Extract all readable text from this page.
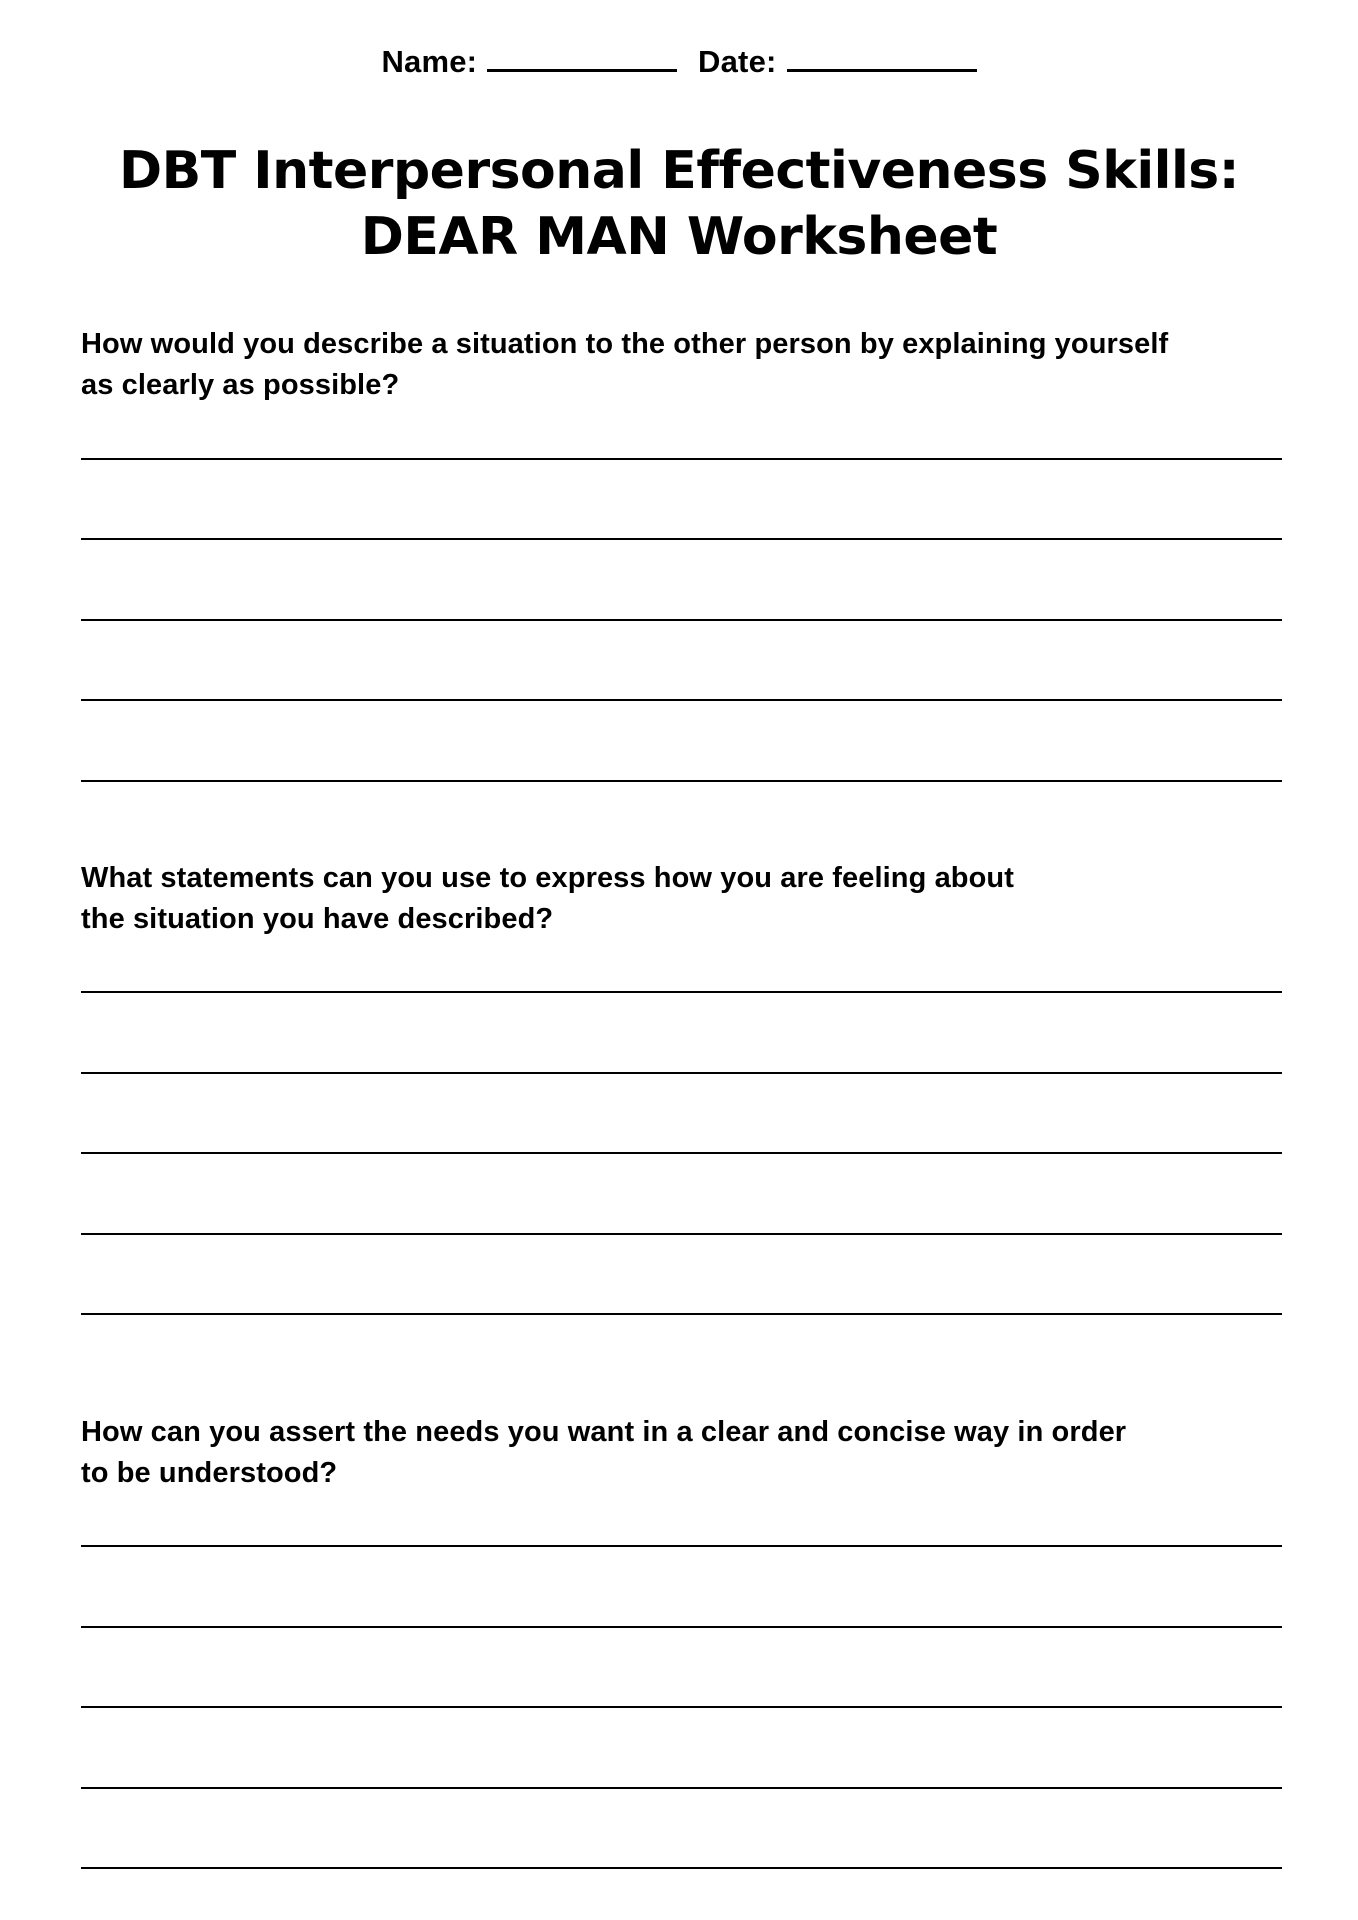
Name:	Date:
DBT Interpersonal Effectiveness Skills:
DEAR MAN Worksheet

How would you describe a situation to the other person by explaining yourself
as clearly as possible?

What statements can you use to express how you are feeling about
the situation you have described?

How can you assert the needs you want in a clear and concise way in order
to be understood?
